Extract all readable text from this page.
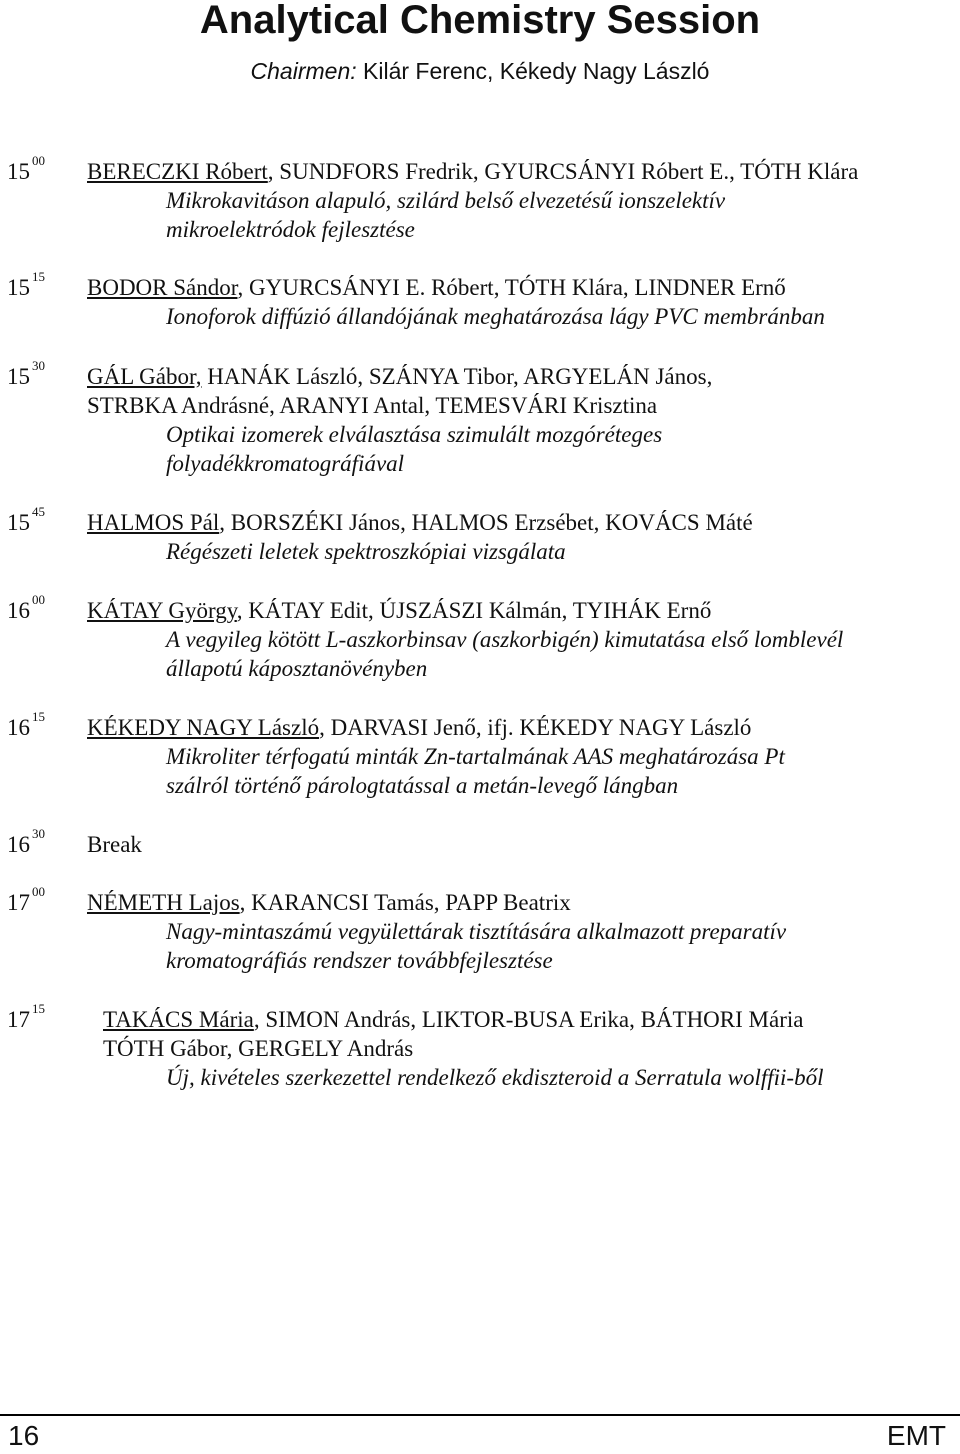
Analytical Chemistry Session
Chairmen: Kilár Ferenc, Kékedy Nagy László
15 $^{00}$ BERECZKI Róbert, SUNDFORS Fredrik, GYURCSÁNYI Róbert E., TÓTH Klára
Mikrokavitáson alapuló, szilárd belső elvezetésű ionszelektív
mikroelektródok fejlesztése
15 $^{15}$ BODOR Sándor, GYURCSÁNYI E. Róbert, TÓTH Klára, LINDNER Ernő
Ionoforok diffúzió állandójának meghatározása lágy PVC membránban
15 $^{30}$ GÁL Gábor, HANÁK László, SZÁNYA Tibor, ARGYELÁN János,
STRBKA Andrásné, ARANYI Antal, TEMESVÁRI Krisztina
Optikai izomerek elválasztása szimulált mozgóréteges
folyadékkromatográfiával
15 $^{45}$ HALMOS Pál, BORSZÉKI János, HALMOS Erzsébet, KOVÁCS Máté
Régészeti leletek spektroszkópiai vizsgálata
16 $^{00}$ KÁTAY György, KÁTAY Edit, ÚJSZÁSZI Kálmán, TYIHÁK Ernő
A vegyileg kötött L-aszkorbinsav (aszkorbigén) kimutatása első lomblevél
állapotú káposztanövényben
16 $^{15}$ KÉKEDY NAGY László, DARVASI Jenő, ifj. KÉKEDY NAGY László
Mikroliter térfogatú minták Zn-tartalmának AAS meghatározása Pt
szálról történő párologtatással a metán-levegő lángban
16 $^{30}$ Break
17 $^{00}$ NÉMETH Lajos, KARANCSI Tamás, PAPP Beatrix
Nagy-mintaszámú vegyülettárak tisztítására alkalmazott preparatív
kromatográfiás rendszer továbbfejlesztése
17 $^{15}$	TAKÁCS Mária, SIMON András, LIKTOR-BUSA Erika, BÁTHORI Mária
TÓTH Gábor, GERGELY András
Új, kivételes szerkezettel rendelkező ekdiszteroid a Serratula wolffii-ből
16	EMT
